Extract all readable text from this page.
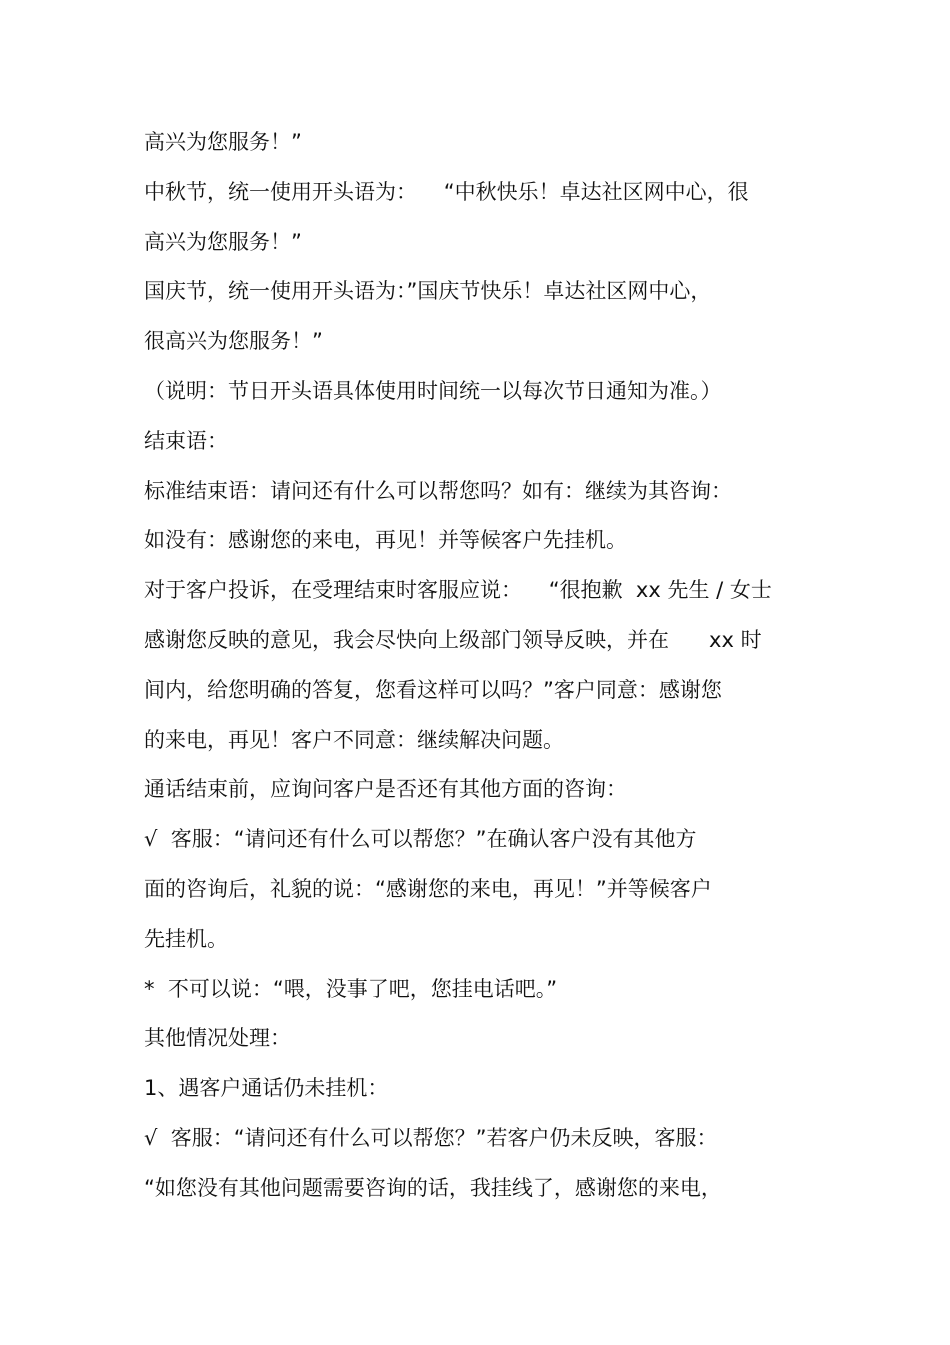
高兴为您服务！”
中秋节，统一使用开头语为：    “中秋快乐！卓达社区网中心，很
高兴为您服务！”
国庆节，统一使用开头语为：”国庆节快乐！卓达社区网中心，
很高兴为您服务！”
（说明：节日开头语具体使用时间统一以每次节日通知为准。）
结束语：
标准结束语：请问还有什么可以帮您吗？如有：继续为其咨询：
如没有：感谢您的来电，再见！并等候客户先挂机。
对于客户投诉，在受理结束时客服应说：    “很抱歉  xx 先生 / 女士
感谢您反映的意见，我会尽快向上级部门领导反映，并在      xx 时
间内，给您明确的答复，您看这样可以吗？”客户同意：感谢您
的来电，再见！客户不同意：继续解决问题。
通话结束前，应询问客户是否还有其他方面的咨询：
√  客服：“请问还有什么可以帮您？”在确认客户没有其他方
面的咨询后，礼貌的说：“感谢您的来电，再见！”并等候客户
先挂机。
*  不可以说：“喂，没事了吧，您挂电话吧。”
其他情况处理：
1、遇客户通话仍未挂机：
√  客服：“请问还有什么可以帮您？”若客户仍未反映，客服：
“如您没有其他问题需要咨询的话，我挂线了，感谢您的来电，
